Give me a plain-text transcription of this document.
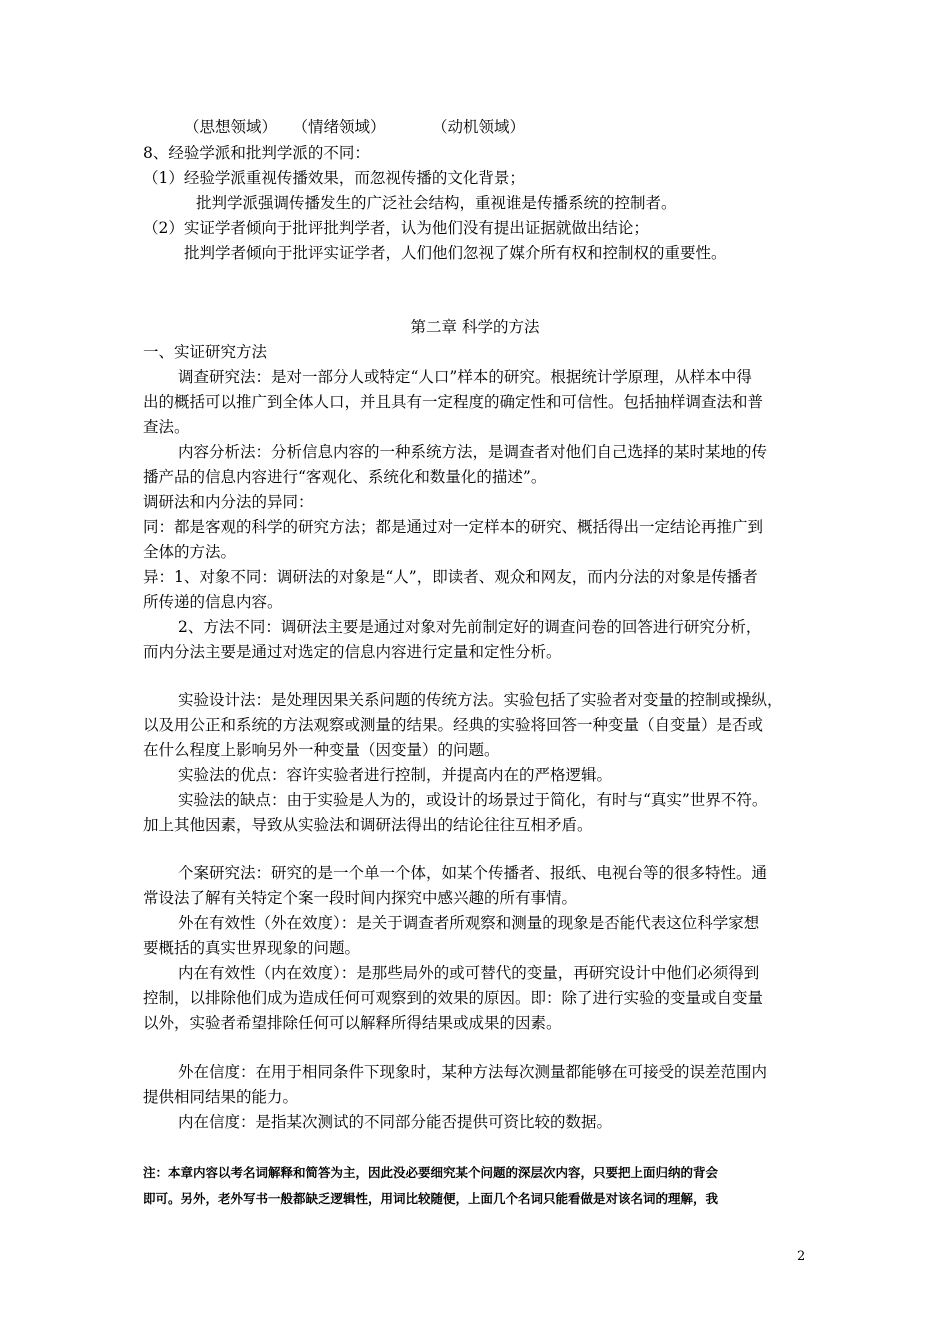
（思想领域）　　（情绪领域）　　　　（动机领域）
8、经验学派和批判学派的不同：
（1）经验学派重视传播效果，而忽视传播的文化背景；
批判学派强调传播发生的广泛社会结构，重视谁是传播系统的控制者。
（2）实证学者倾向于批评批判学者，认为他们没有提出证据就做出结论；
批判学者倾向于批评实证学者，人们他们忽视了媒介所有权和控制权的重要性。
第二章 科学的方法
一、实证研究方法
调查研究法：是对一部分人或特定“人口”样本的研究。根据统计学原理，从样本中得
出的概括可以推广到全体人口，并且具有一定程度的确定性和可信性。包括抽样调查法和普
查法。
内容分析法：分析信息内容的一种系统方法，是调查者对他们自己选择的某时某地的传
播产品的信息内容进行“客观化、系统化和数量化的描述”。
调研法和内分法的异同：
同：都是客观的科学的研究方法；都是通过对一定样本的研究、概括得出一定结论再推广到
全体的方法。
异：1、对象不同：调研法的对象是“人”，即读者、观众和网友，而内分法的对象是传播者
所传递的信息内容。
2、方法不同：调研法主要是通过对象对先前制定好的调查问卷的回答进行研究分析，
而内分法主要是通过对选定的信息内容进行定量和定性分析。
实验设计法：是处理因果关系问题的传统方法。实验包括了实验者对变量的控制或操纵，
以及用公正和系统的方法观察或测量的结果。经典的实验将回答一种变量（自变量）是否或
在什么程度上影响另外一种变量（因变量）的问题。
实验法的优点：容许实验者进行控制，并提高内在的严格逻辑。
实验法的缺点：由于实验是人为的，或设计的场景过于简化，有时与“真实”世界不符。
加上其他因素，导致从实验法和调研法得出的结论往往互相矛盾。
个案研究法：研究的是一个单一个体，如某个传播者、报纸、电视台等的很多特性。通
常设法了解有关特定个案一段时间内探究中感兴趣的所有事情。
外在有效性（外在效度）：是关于调查者所观察和测量的现象是否能代表这位科学家想
要概括的真实世界现象的问题。
内在有效性（内在效度）：是那些局外的或可替代的变量，再研究设计中他们必须得到
控制，以排除他们成为造成任何可观察到的效果的原因。即：除了进行实验的变量或自变量
以外，实验者希望排除任何可以解释所得结果或成果的因素。
外在信度：在用于相同条件下现象时，某种方法每次测量都能够在可接受的误差范围内
提供相同结果的能力。
内在信度：是指某次测试的不同部分能否提供可资比较的数据。
注：本章内容以考名词解释和简答为主，因此没必要细究某个问题的深层次内容，只要把上面归纳的背会
即可。另外，老外写书一般都缺乏逻辑性，用词比较随便，上面几个名词只能看做是对该名词的理解，我
2
